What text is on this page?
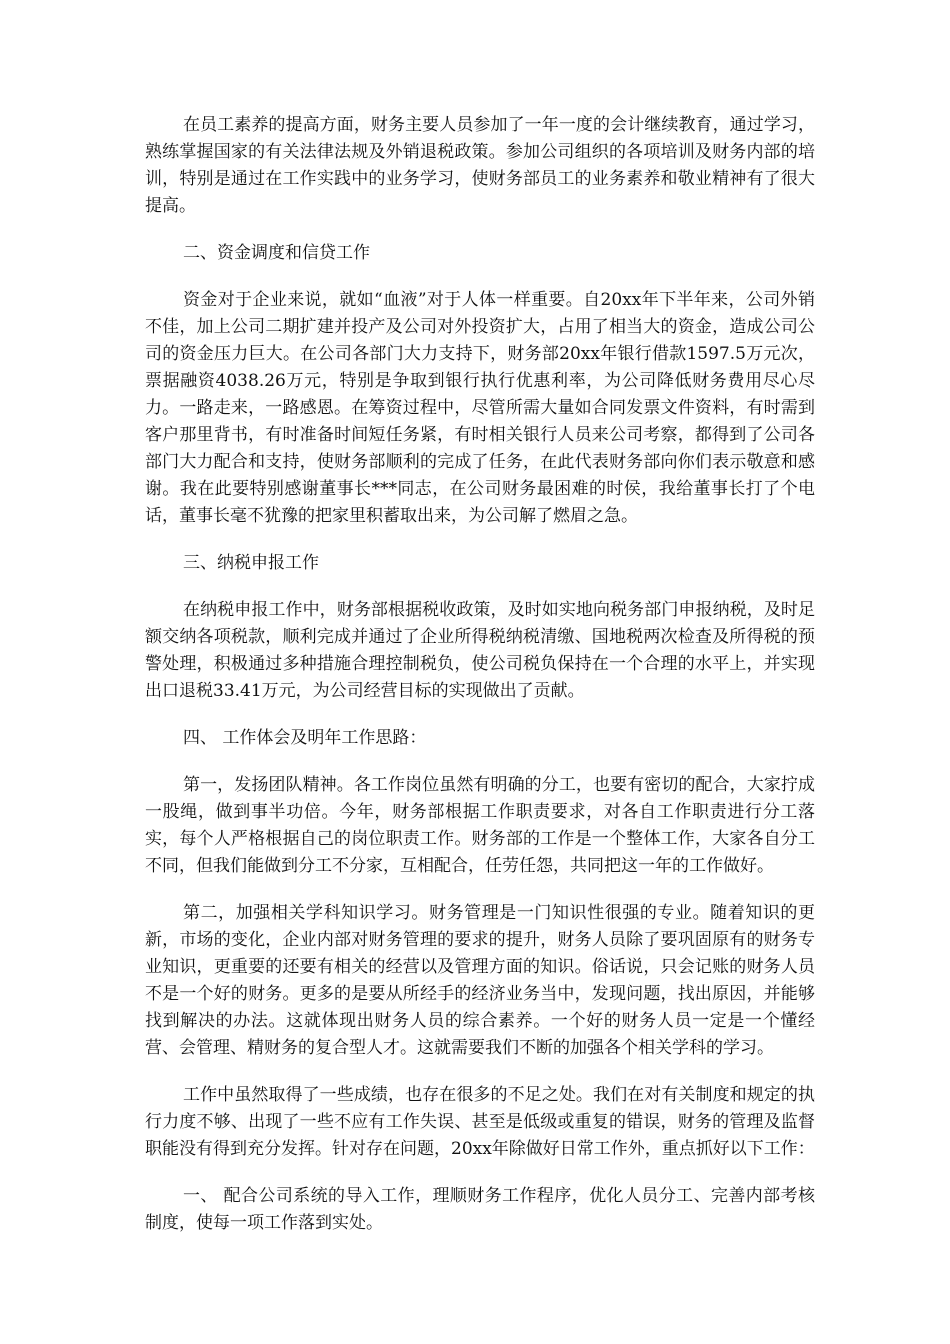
在员工素养的提高方面，财务主要人员参加了一年一度的会计继续教育，通过学习，熟练掌握国家的有关法律法规及外销退税政策。参加公司组织的各项培训及财务内部的培训，特别是通过在工作实践中的业务学习，使财务部员工的业务素养和敬业精神有了很大提高。

二、资金调度和信贷工作

资金对于企业来说，就如“血液”对于人体一样重要。自20xx年下半年来，公司外销不佳，加上公司二期扩建并投产及公司对外投资扩大，占用了相当大的资金，造成公司公司的资金压力巨大。在公司各部门大力支持下，财务部20xx年银行借款1597.5万元次，票据融资4038.26万元，特别是争取到银行执行优惠利率，为公司降低财务费用尽心尽力。一路走来，一路感恩。在筹资过程中，尽管所需大量如合同发票文件资料，有时需到客户那里背书，有时准备时间短任务紧，有时相关银行人员来公司考察，都得到了公司各部门大力配合和支持，使财务部顺利的完成了任务，在此代表财务部向你们表示敬意和感谢。我在此要特别感谢董事长***同志，在公司财务最困难的时侯，我给董事长打了个电话，董事长毫不犹豫的把家里积蓄取出来，为公司解了燃眉之急。

三、纳税申报工作

在纳税申报工作中，财务部根据税收政策，及时如实地向税务部门申报纳税，及时足额交纳各项税款，顺利完成并通过了企业所得税纳税清缴、国地税两次检查及所得税的预警处理，积极通过多种措施合理控制税负，使公司税负保持在一个合理的水平上，并实现出口退税33.41万元，为公司经营目标的实现做出了贡献。

四、 工作体会及明年工作思路：

第一，发扬团队精神。各工作岗位虽然有明确的分工，也要有密切的配合，大家拧成一股绳，做到事半功倍。今年，财务部根据工作职责要求，对各自工作职责进行分工落实，每个人严格根据自己的岗位职责工作。财务部的工作是一个整体工作，大家各自分工不同，但我们能做到分工不分家，互相配合，任劳任怨，共同把这一年的工作做好。

第二，加强相关学科知识学习。财务管理是一门知识性很强的专业。随着知识的更新，市场的变化，企业内部对财务管理的要求的提升，财务人员除了要巩固原有的财务专业知识，更重要的还要有相关的经营以及管理方面的知识。俗话说，只会记账的财务人员不是一个好的财务。更多的是要从所经手的经济业务当中，发现问题，找出原因，并能够找到解决的办法。这就体现出财务人员的综合素养。一个好的财务人员一定是一个懂经营、会管理、精财务的复合型人才。这就需要我们不断的加强各个相关学科的学习。

工作中虽然取得了一些成绩，也存在很多的不足之处。我们在对有关制度和规定的执行力度不够、出现了一些不应有工作失误、甚至是低级或重复的错误，财务的管理及监督职能没有得到充分发挥。针对存在问题，20xx年除做好日常工作外，重点抓好以下工作：

一、 配合公司系统的导入工作，理顺财务工作程序，优化人员分工、完善内部考核制度，使每一项工作落到实处。
